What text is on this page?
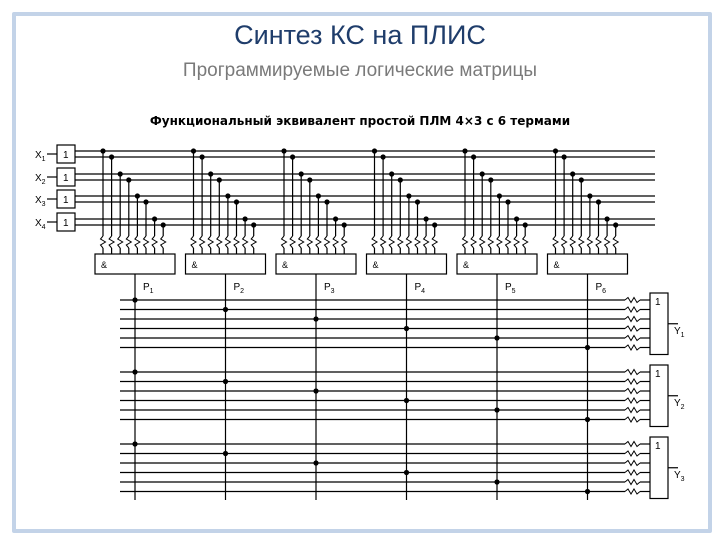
Синтез КС на ПЛИС
Программируемые логические матрицы
Функциональный эквивалент простой ПЛМ 4×3 с 6 термами
$X_1$ 1
$X_2$ 1
$X_3$ 1
$X_4$ 1
&
$P_1$
&
$P_2$
&
$P_3$
&
$P_4$
&
$P_5$
&
$P_6$
1
$Y_1$
1
$Y_2$
1
$Y_3$
